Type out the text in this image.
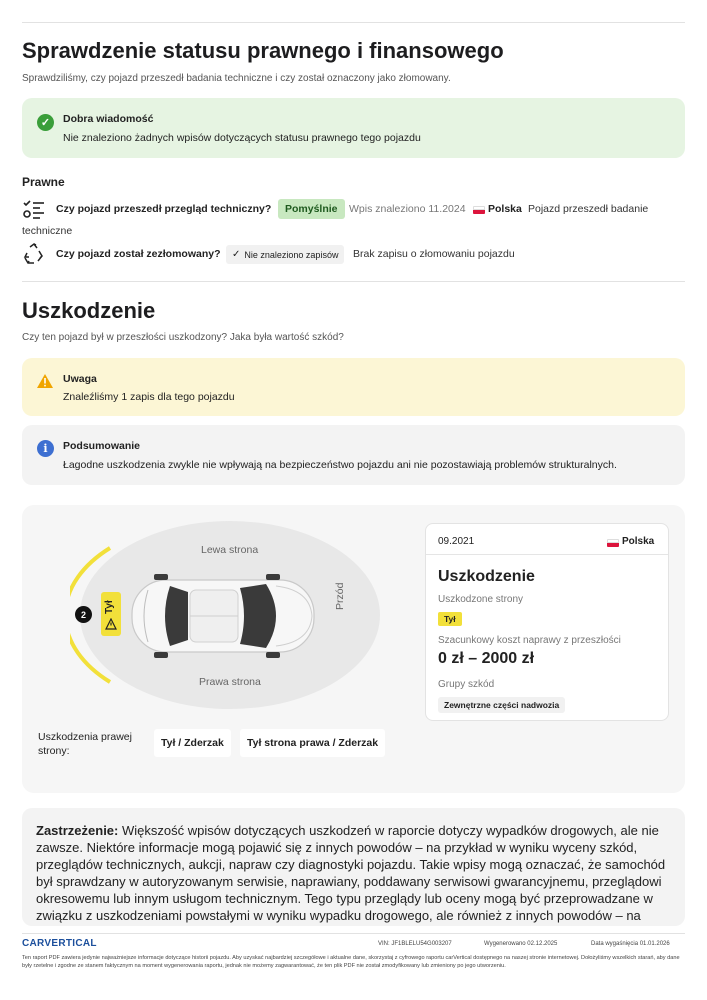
Sprawdzenie statusu prawnego i finansowego
Sprawdziliśmy, czy pojazd przeszedł badania techniczne i czy został oznaczony jako złomowany.
✓	Dobra wiadomość
Nie znaleziono żadnych wpisów dotyczących statusu prawnego tego pojazdu
Prawne
Czy pojazd przeszedł przegląd techniczny?	Pomyślnie	Wpis znaleziono 11.2024 Polska Pojazd przeszedł badanie
techniczne
Czy pojazd został zezłomowany? ✓ Nie znaleziono zapisów Brak zapisu o złomowaniu pojazdu
Uszkodzenie
Czy ten pojazd był w przeszłości uszkodzony? Jaka była wartość szkód?
Uwaga
Znaleźliśmy 1 zapis dla tego pojazdu
i	Podsumowanie
Łagodne uszkodzenia zwykle nie wpływają na bezpieczeństwo pojazdu ani nie pozostawiają problemów strukturalnych.
Lewa strona
Prawa strona
Przód
Tył
2
Uszkodzenia prawej strony:
Tył / Zderzak	Tył strona prawa / Zderzak
09.2021	Polska
Uszkodzenie
Uszkodzone strony
Tył
Szacunkowy koszt naprawy z przeszłości
0 zł – 2000 zł
Grupy szkód
Zewnętrzne części nadwozia
Zastrzeżenie: Większość wpisów dotyczących uszkodzeń w raporcie dotyczy wypadków drogowych, ale nie zawsze. Niektóre informacje mogą pojawić się z innych powodów – na przykład w wyniku wyceny szkód, przeglądów technicznych, aukcji, napraw czy diagnostyki pojazdu. Takie wpisy mogą oznaczać, że samochód był sprawdzany w autoryzowanym serwisie, naprawiany, poddawany serwisowi gwarancyjnemu, przeglądowi okresowemu lub innym usługom technicznym. Tego typu przeglądy lub oceny mogą być przeprowadzane w związku z uszkodzeniami powstałymi w wyniku wypadku drogowego, ale również z innych powodów – na
CARVERTICAL	VIN: JF1BLELU54G003207	Wygenerowano 02.12.2025	Data wygaśnięcia 01.01.2026
Ten raport PDF zawiera jedynie najważniejsze informacje dotyczące historii pojazdu. Aby uzyskać najbardziej szczegółowe i aktualne dane, skorzystaj z cyfrowego raportu carVertical dostępnego na naszej stronie internetowej. Dołożyliśmy wszelkich starań, aby dane były rzetelne i zgodne ze stanem faktycznym na moment wygenerowania raportu, jednak nie możemy zagwarantować, że ten plik PDF nie został zmodyfikowany lub zmieniony po jego utworzeniu.
